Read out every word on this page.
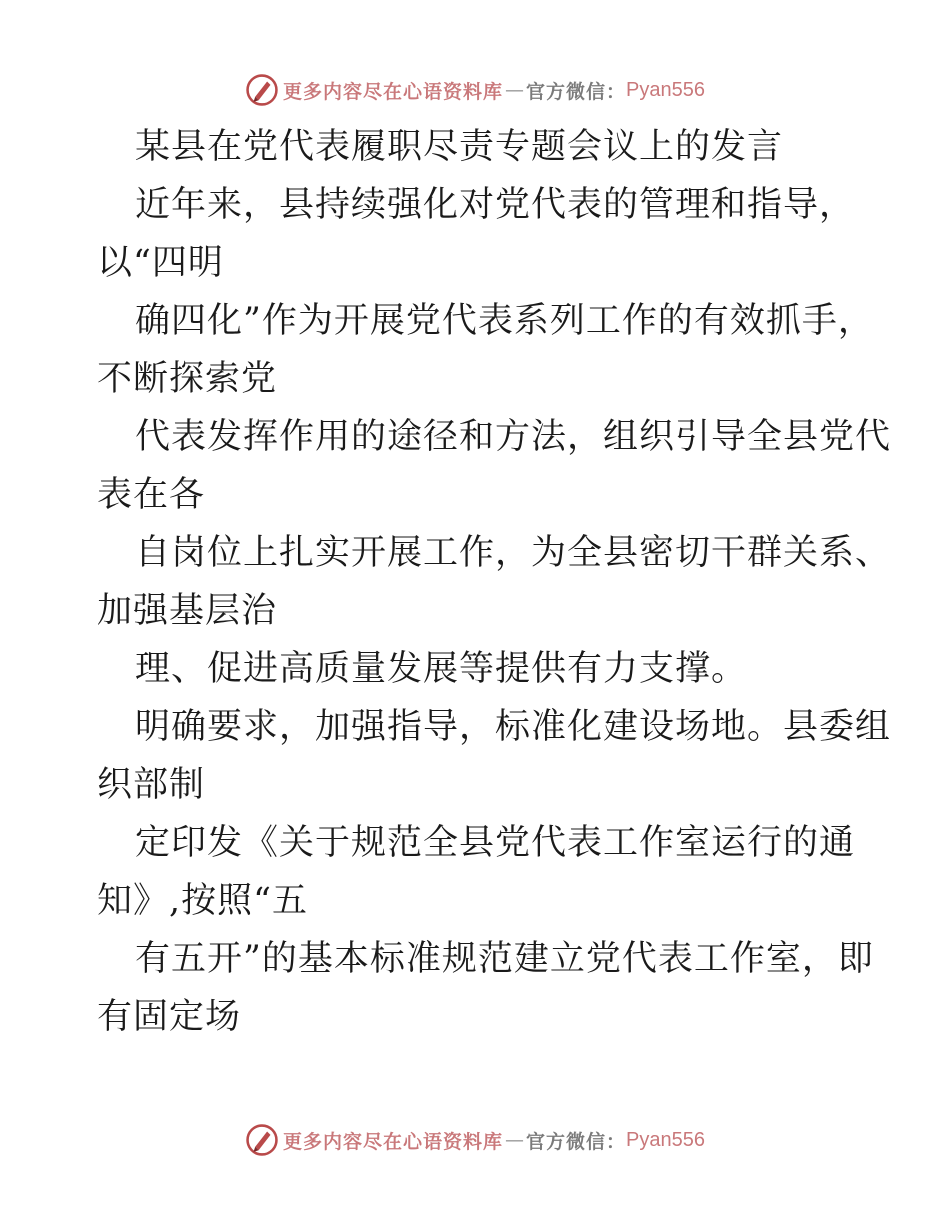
更多内容尽在心语资料库 — 官方微信： Pyan556
某县在党代表履职尽责专题会议上的发言
近年来，县持续强化对党代表的管理和指导，
以“四明
确四化”作为开展党代表系列工作的有效抓手，
不断探索党
代表发挥作用的途径和方法，组织引导全县党代
表在各
自岗位上扎实开展工作，为全县密切干群关系、
加强基层治
理、促进高质量发展等提供有力支撑。
明确要求，加强指导，标准化建设场地。县委组
织部制
定印发《关于规范全县党代表工作室运行的通
知》,按照“五
有五开”的基本标准规范建立党代表工作室，即
有固定场
更多内容尽在心语资料库 — 官方微信： Pyan556
